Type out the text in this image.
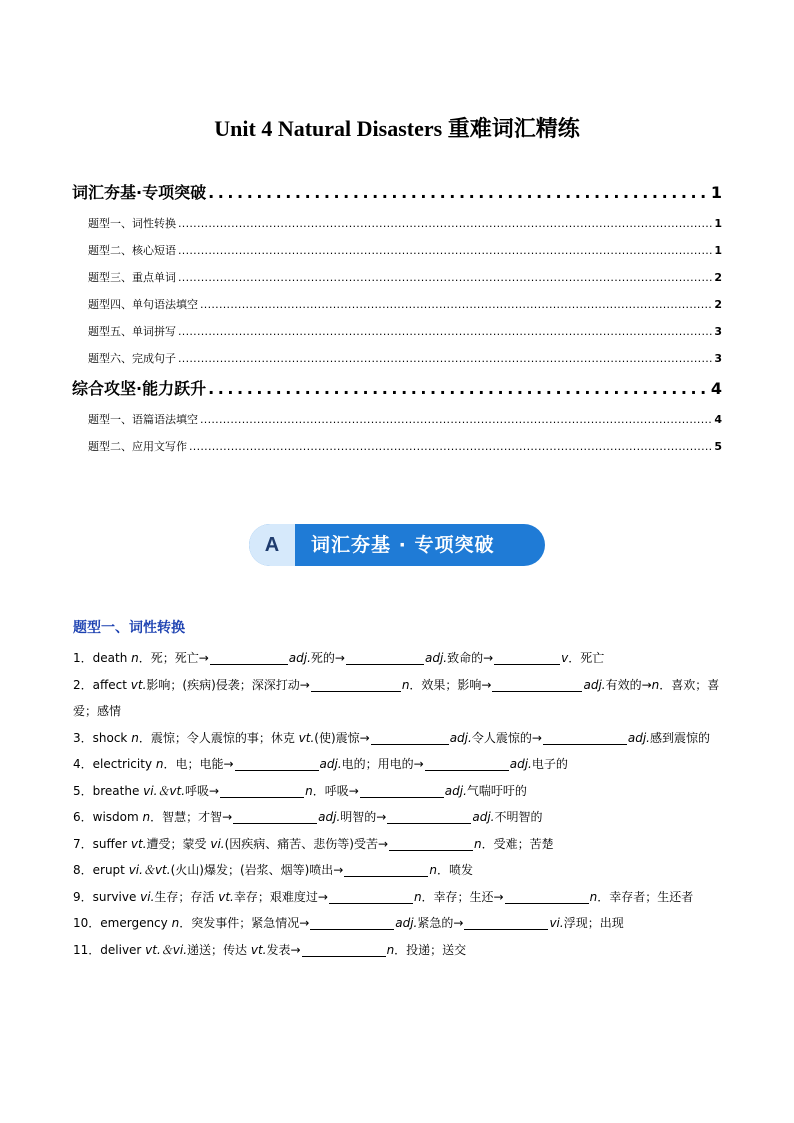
Unit 4 Natural Disasters 重难词汇精练
词汇夯基·专项突破 . . .	1
题型一、词性转换 . . .	1
题型二、核心短语 . . .	1
题型三、重点单词 . . .	2
题型四、单句语法填空 . . .	2
题型五、单词拼写 . . .	3
题型六、完成句子 . . .	3
综合攻坚·能力跃升 . . .	4
题型一、语篇语法填空 . . .	4
题型二、应用文写作 . . .	5
A	词汇夯基 · 专项突破
题型一、词性转换
1．death n．死；死亡→	adj.死的→	adj.致命的→	v．死亡
2．affect vt.影响；(疾病)侵袭；深深打动→	n．效果；影响→	adj.有效的→n．喜欢；喜爱；感情
3．shock n．震惊；令人震惊的事；休克 vt.(使)震惊→	adj.令人震惊的→	adj.感到震惊的
4．electricity n．电；电能→	adj.电的；用电的→	adj.电子的
5．breathe vi.＆vt.呼吸→	n．呼吸→	adj.气喘吁吁的
6．wisdom n．智慧；才智→	adj.明智的→	adj.不明智的
7．suffer vt.遭受；蒙受 vi.(因疾病、痛苦、悲伤等)受苦→	n．受难；苦楚
8．erupt vi.＆vt.(火山)爆发；(岩浆、烟等)喷出→	n．喷发
9．survive vi.生存；存活 vt.幸存；艰难度过→	n．幸存；生还→	n．幸存者；生还者
10．emergency n．突发事件；紧急情况→	adj.紧急的→	vi.浮现；出现
11．deliver vt.＆vi.递送；传达 vt.发表→	n．投递；送交
